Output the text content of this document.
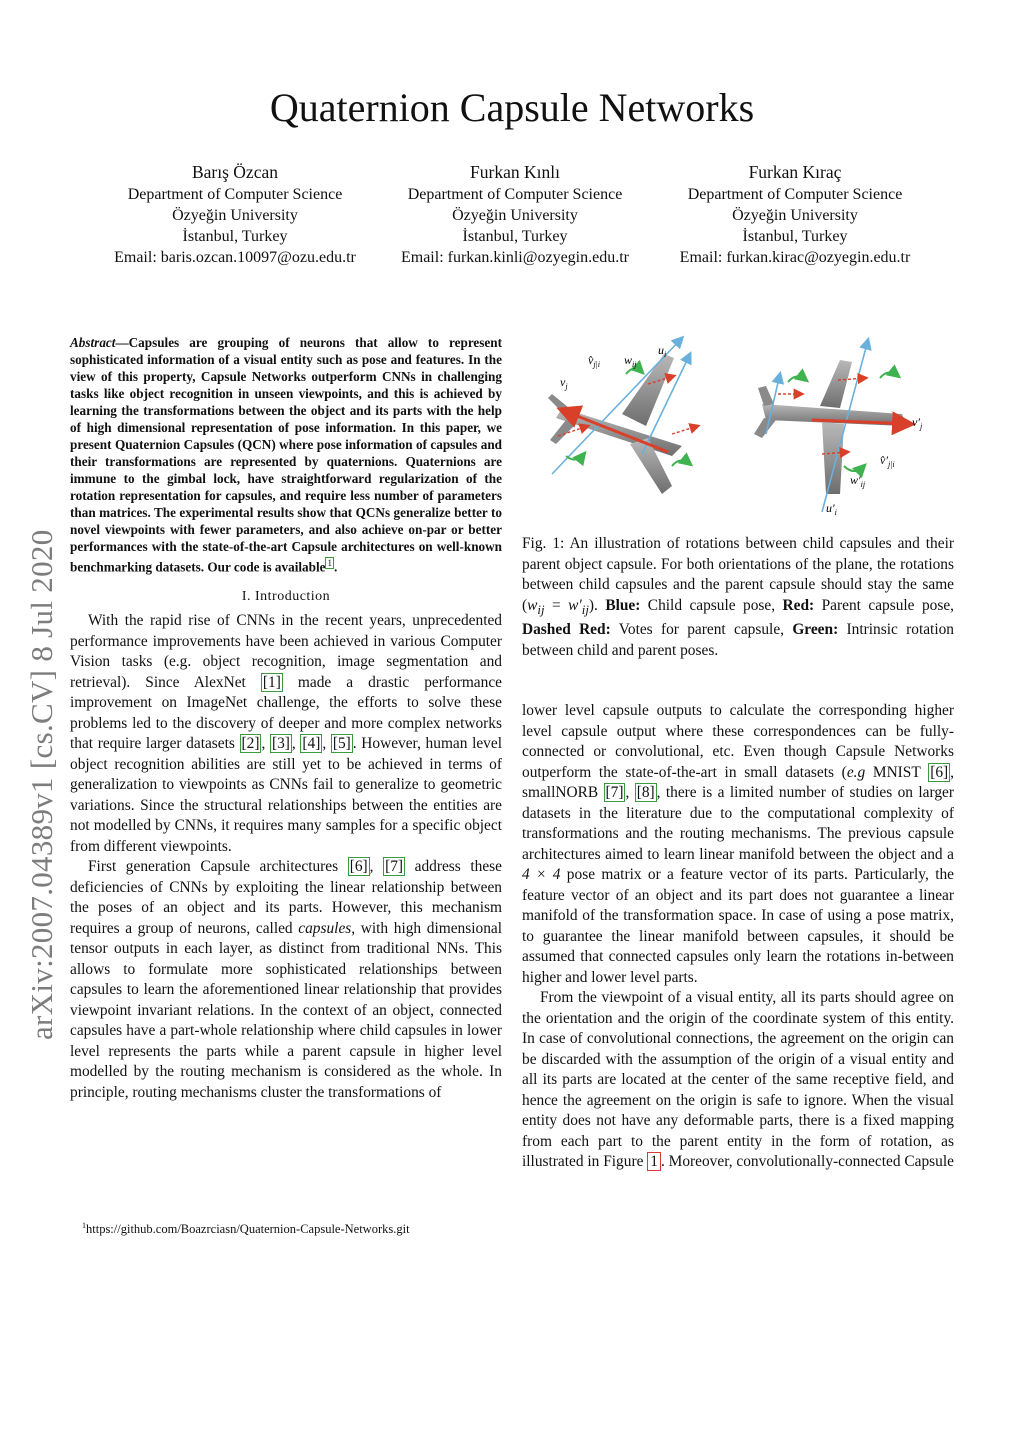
arXiv:2007.04389v1 [cs.CV] 8 Jul 2020
Quaternion Capsule Networks
Barış Özcan
Department of Computer Science
Özyeğin University
İstanbul, Turkey
Email: baris.ozcan.10097@ozu.edu.tr
Furkan Kınlı
Department of Computer Science
Özyeğin University
İstanbul, Turkey
Email: furkan.kinli@ozyegin.edu.tr
Furkan Kıraç
Department of Computer Science
Özyeğin University
İstanbul, Turkey
Email: furkan.kirac@ozyegin.edu.tr
Abstract—Capsules are grouping of neurons that allow to represent sophisticated information of a visual entity such as pose and features. In the view of this property, Capsule Networks outperform CNNs in challenging tasks like object recognition in unseen viewpoints, and this is achieved by learning the transformations between the object and its parts with the help of high dimensional representation of pose information. In this paper, we present Quaternion Capsules (QCN) where pose information of capsules and their transformations are represented by quaternions. Quaternions are immune to the gimbal lock, have straightforward regularization of the rotation representation for capsules, and require less number of parameters than matrices. The experimental results show that QCNs generalize better to novel viewpoints with fewer parameters, and also achieve on-par or better performances with the state-of-the-art Capsule architectures on well-known benchmarking datasets. Our code is available $^1$ .
I. Introduction

With the rapid rise of CNNs in the recent years, unprecedented performance improvements have been achieved in various Computer Vision tasks (e.g. object recognition, image segmentation and retrieval). Since AlexNet [1] made a drastic performance improvement on ImageNet challenge, the efforts to solve these problems led to the discovery of deeper and more complex networks that require larger datasets [2] , [3] , [4] , [5] . However, human level object recognition abilities are still yet to be achieved in terms of generalization to viewpoints as CNNs fail to generalize to geometric variations. Since the structural relationships between the entities are not modelled by CNNs, it requires many samples for a specific object from different viewpoints.

First generation Capsule architectures [6] , [7] address these deficiencies of CNNs by exploiting the linear relationship between the poses of an object and its parts. However, this mechanism requires a group of neurons, called capsules, with high dimensional tensor outputs in each layer, as distinct from traditional NNs. This allows to formulate more sophisticated relationships between capsules to learn the aforementioned linear relationship that provides viewpoint invariant relations. In the context of an object, connected capsules have a part-whole relationship where child capsules in lower level represents the parts while a parent capsule in higher level modelled by the routing mechanism is considered as the whole. In principle, routing mechanisms cluster the transformations of

$^1$https://github.com/Boazrciasn/Quaternion-Capsule-Networks.git
$u_i$
$v̂_{j|i}$ $w_{ij}$
$v_j$
$v'_j$
$v̂'_{j|i}$
$w'_{ij}$
$u'_i$
Fig. 1: An illustration of rotations between child capsules and their parent object capsule. For both orientations of the plane, the rotations between child capsules and the parent capsule should stay the same $(w_{ij} = w'_{ij})$. Blue: Child capsule pose, Red: Parent capsule pose, Dashed Red: Votes for parent capsule, Green: Intrinsic rotation between child and parent poses.

lower level capsule outputs to calculate the corresponding higher level capsule output where these correspondences can be fully-connected or convolutional, etc. Even though Capsule Networks outperform the state-of-the-art in small datasets (e.g MNIST [6] , smallNORB [7] , [8] , there is a limited number of studies on larger datasets in the literature due to the computational complexity of transformations and the routing mechanisms. The previous capsule architectures aimed to learn linear manifold between the object and a 4 × 4 pose matrix or a feature vector of its parts. Particularly, the feature vector of an object and its part does not guarantee a linear manifold of the transformation space. In case of using a pose matrix, to guarantee the linear manifold between capsules, it should be assumed that connected capsules only learn the rotations in-between higher and lower level parts.

From the viewpoint of a visual entity, all its parts should agree on the orientation and the origin of the coordinate system of this entity. In case of convolutional connections, the agreement on the origin can be discarded with the assumption of the origin of a visual entity and all its parts are located at the center of the same receptive field, and hence the agreement on the origin is safe to ignore. When the visual entity does not have any deformable parts, there is a fixed mapping from each part to the parent entity in the form of rotation, as illustrated in Figure 1 . Moreover, convolutionally-connected Capsule
